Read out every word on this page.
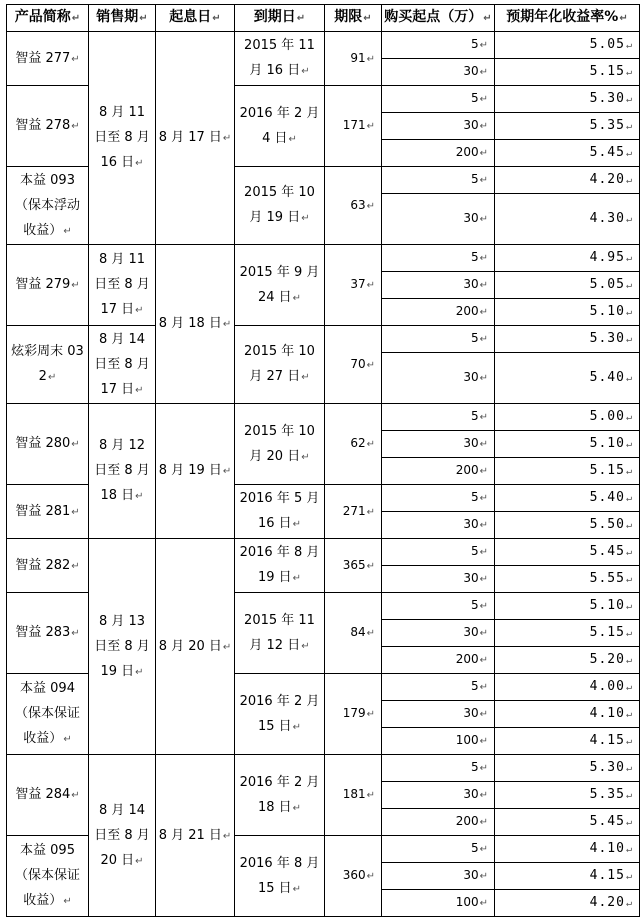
产品简称↵	销售期↵	起息日↵	到期日↵	期限↵	购买起点（万）↵	预期年化收益率%↵
智益 277↵	8 月 11 日至 8 月 16 日↵	8 月 17 日↵	2015 年 11 月 16 日↵	91↵	5↵	5.05↵
					30↵	5.15↵
智益 278↵			2016 年 2 月 4 日↵	171↵	5↵	5.30↵
					30↵	5.35↵
					200↵	5.45↵
本益 093（保本浮动收益）↵			2015 年 10 月 19 日↵	63↵	5↵	4.20↵
					30↵	4.30↵
智益 279↵	8 月 11 日至 8 月 17 日↵	8 月 18 日↵	2015 年 9 月 24 日↵	37↵	5↵	4.95↵
					30↵	5.05↵
					200↵	5.10↵
炫彩周末 032↵	8 月 14 日至 8 月 17 日↵		2015 年 10 月 27 日↵	70↵	5↵	5.30↵
					30↵	5.40↵
智益 280↵	8 月 12 日至 8 月 18 日↵	8 月 19 日↵	2015 年 10 月 20 日↵	62↵	5↵	5.00↵
					30↵	5.10↵
					200↵	5.15↵
智益 281↵			2016 年 5 月 16 日↵	271↵	5↵	5.40↵
					30↵	5.50↵
智益 282↵	8 月 13 日至 8 月 19 日↵	8 月 20 日↵	2016 年 8 月 19 日↵	365↵	5↵	5.45↵
					30↵	5.55↵
智益 283↵			2015 年 11 月 12 日↵	84↵	5↵	5.10↵
					30↵	5.15↵
					200↵	5.20↵
本益 094（保本保证收益）↵			2016 年 2 月 15 日↵	179↵	5↵	4.00↵
					30↵	4.10↵
					100↵	4.15↵
智益 284↵	8 月 14 日至 8 月 20 日↵	8 月 21 日↵	2016 年 2 月 18 日↵	181↵	5↵	5.30↵
					30↵	5.35↵
					200↵	5.45↵
本益 095（保本保证收益）↵			2016 年 8 月 15 日↵	360↵	5↵	4.10↵
					30↵	4.15↵
					100↵	4.20↵
